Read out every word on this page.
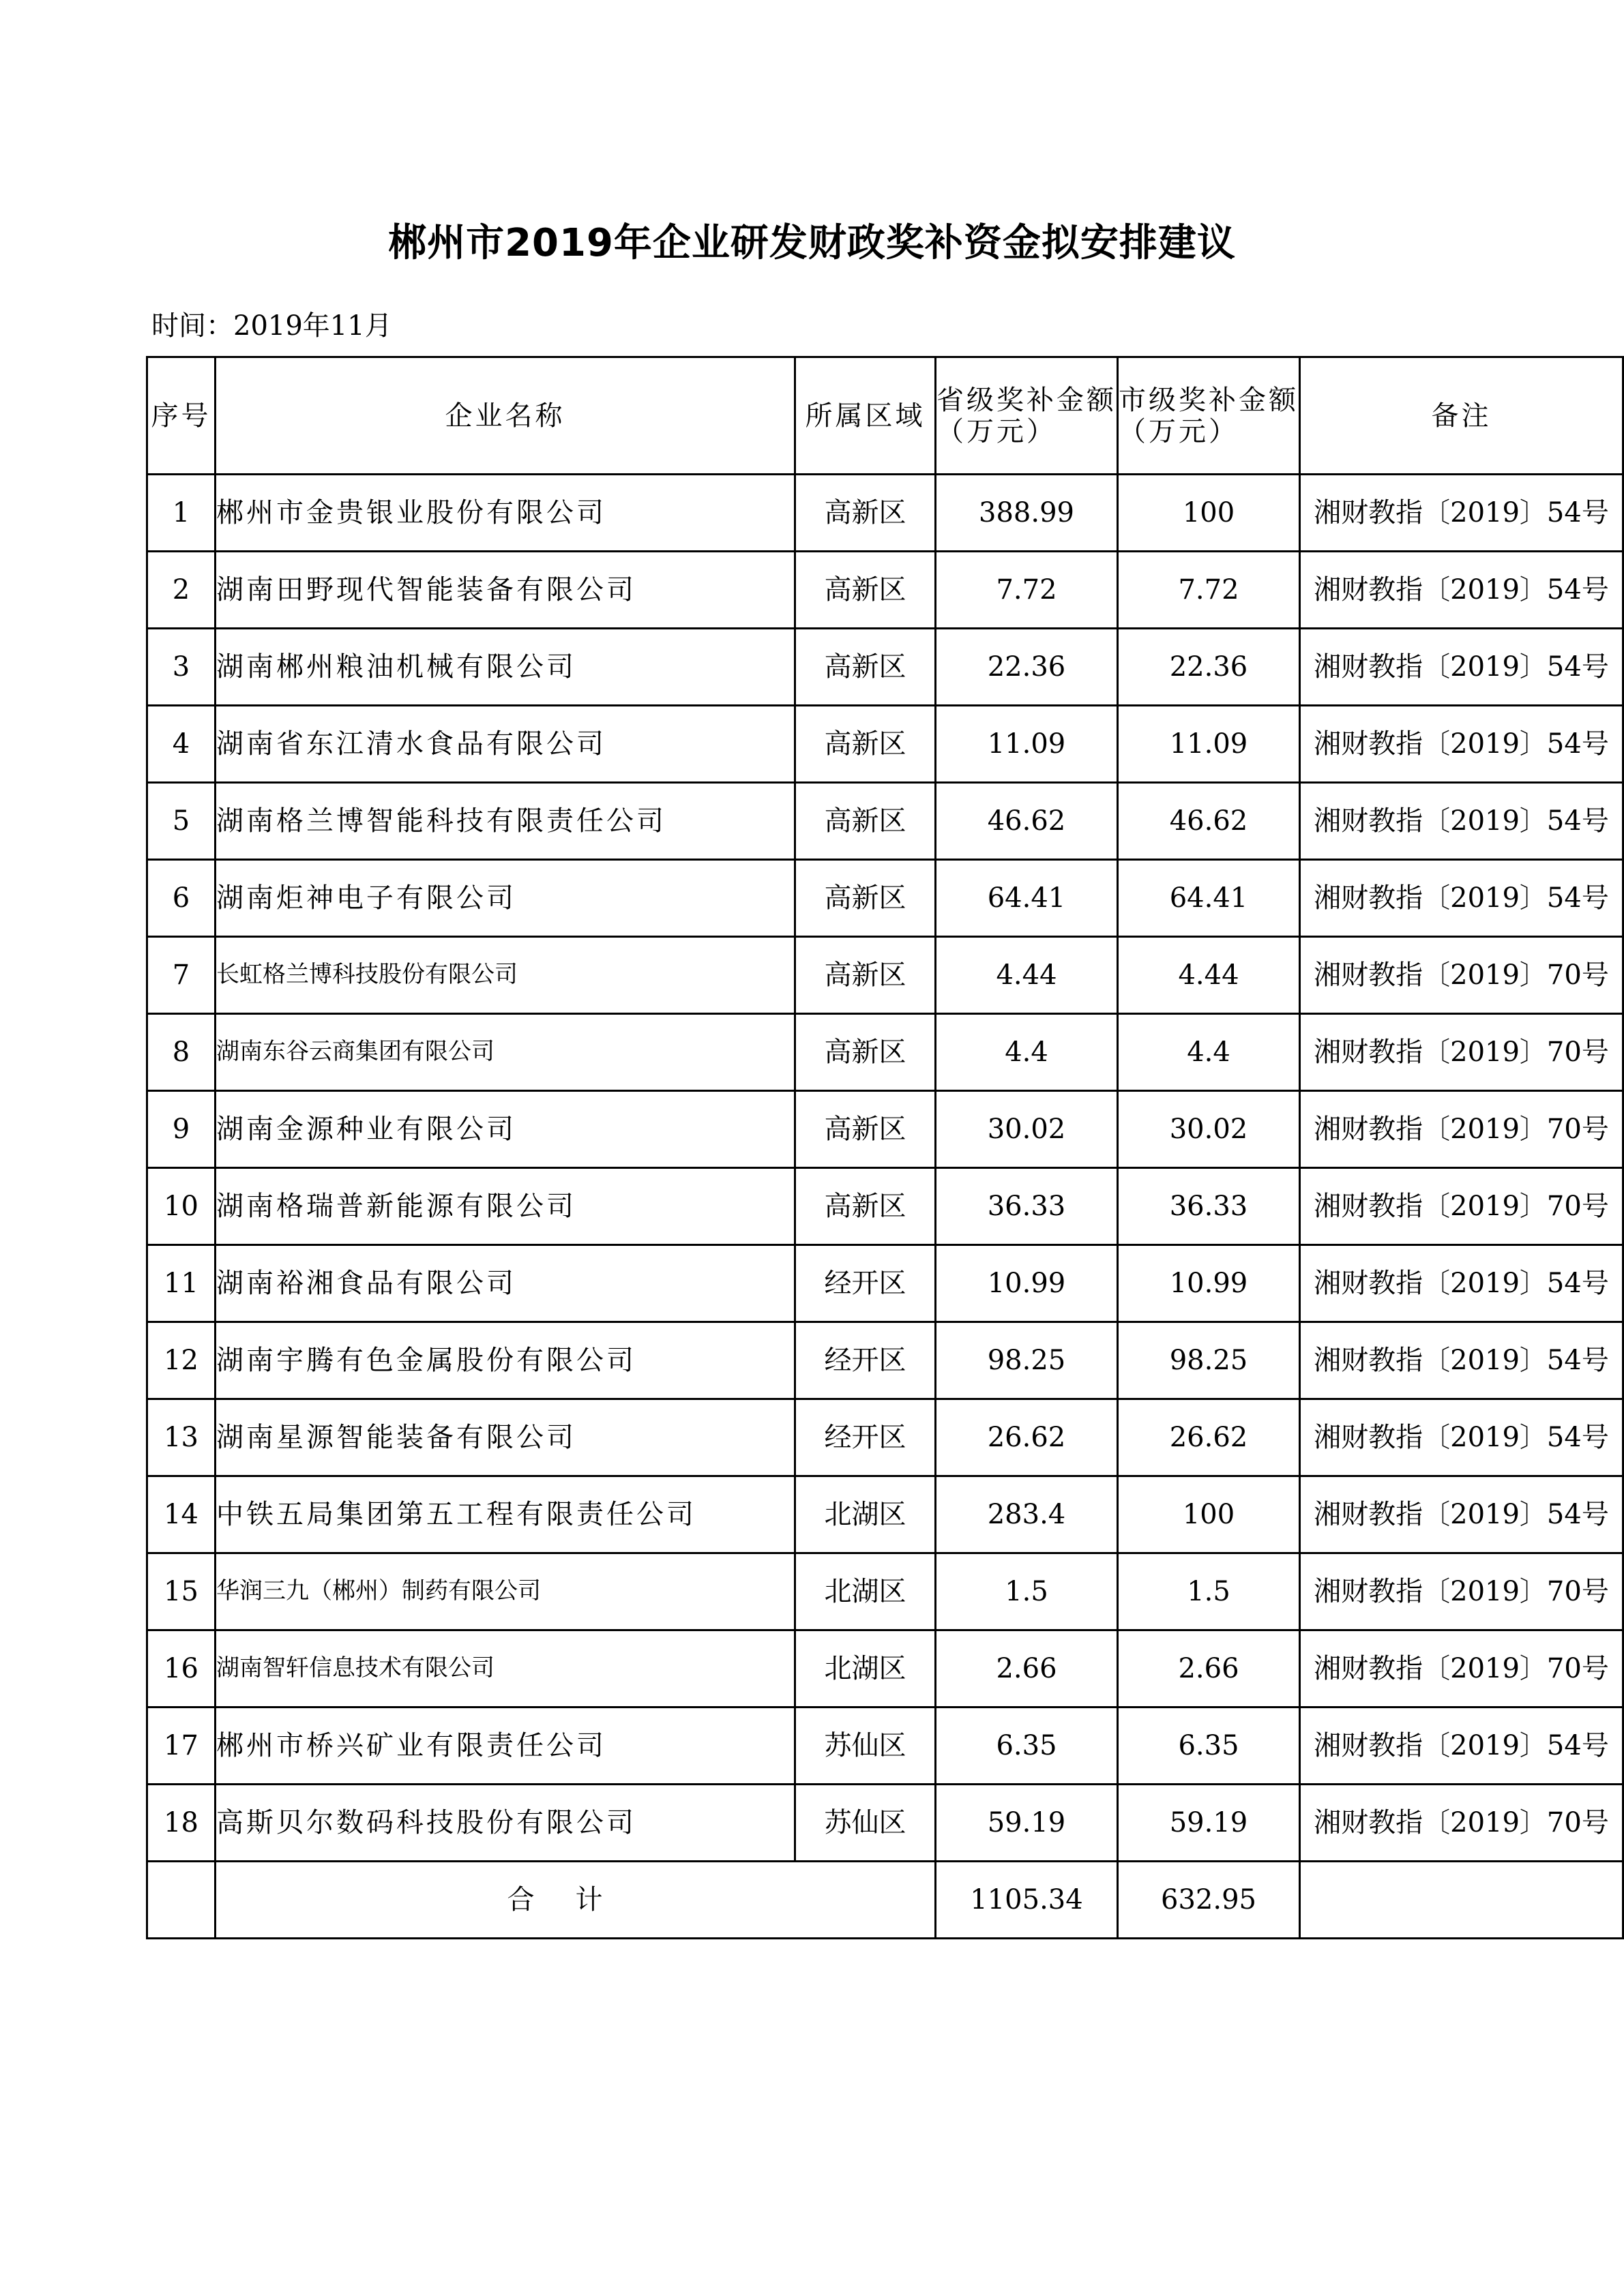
郴州市2019年企业研发财政奖补资金拟安排建议
时间：2019年11月
序号	企业名称	所属区域	省级奖补金额（万元）	市级奖补金额（万元）	备注
1	郴州市金贵银业股份有限公司	高新区	388.99	100	湘财教指〔2019〕54号
2	湖南田野现代智能装备有限公司	高新区	7.72	7.72	湘财教指〔2019〕54号
3	湖南郴州粮油机械有限公司	高新区	22.36	22.36	湘财教指〔2019〕54号
4	湖南省东江清水食品有限公司	高新区	11.09	11.09	湘财教指〔2019〕54号
5	湖南格兰博智能科技有限责任公司	高新区	46.62	46.62	湘财教指〔2019〕54号
6	湖南炬神电子有限公司	高新区	64.41	64.41	湘财教指〔2019〕54号
7	长虹格兰博科技股份有限公司	高新区	4.44	4.44	湘财教指〔2019〕70号
8	湖南东谷云商集团有限公司	高新区	4.4	4.4	湘财教指〔2019〕70号
9	湖南金源种业有限公司	高新区	30.02	30.02	湘财教指〔2019〕70号
10	湖南格瑞普新能源有限公司	高新区	36.33	36.33	湘财教指〔2019〕70号
11	湖南裕湘食品有限公司	经开区	10.99	10.99	湘财教指〔2019〕54号
12	湖南宇腾有色金属股份有限公司	经开区	98.25	98.25	湘财教指〔2019〕54号
13	湖南星源智能装备有限公司	经开区	26.62	26.62	湘财教指〔2019〕54号
14	中铁五局集团第五工程有限责任公司	北湖区	283.4	100	湘财教指〔2019〕54号
15	华润三九（郴州）制药有限公司	北湖区	1.5	1.5	湘财教指〔2019〕70号
16	湖南智轩信息技术有限公司	北湖区	2.66	2.66	湘财教指〔2019〕70号
17	郴州市桥兴矿业有限责任公司	苏仙区	6.35	6.35	湘财教指〔2019〕54号
18	高斯贝尔数码科技股份有限公司	苏仙区	59.19	59.19	湘财教指〔2019〕70号
	合计		1105.34	632.95	
